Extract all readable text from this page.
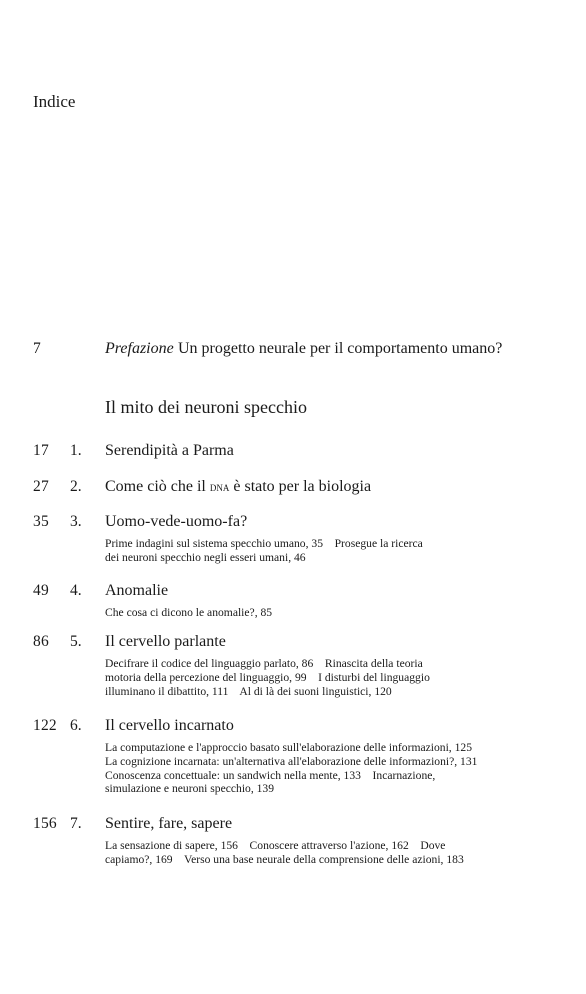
Indice
7	Prefazione Un progetto neurale per il comportamento umano?
Il mito dei neuroni specchio
17 1. Serendipità a Parma
27 2. Come ciò che il dna è stato per la biologia
35 3. Uomo-vede-uomo-fa?
Prime indagini sul sistema specchio umano, 35    Prosegue la ricerca
dei neuroni specchio negli esseri umani, 46
49 4. Anomalie
Che cosa ci dicono le anomalie?, 85
86 5. Il cervello parlante
Decifrare il codice del linguaggio parlato, 86    Rinascita della teoria
motoria della percezione del linguaggio, 99    I disturbi del linguaggio
illuminano il dibattito, 111    Al di là dei suoni linguistici, 120
122 6. Il cervello incarnato
La computazione e l'approccio basato sull'elaborazione delle informazioni, 125
La cognizione incarnata: un'alternativa all'elaborazione delle informazioni?, 131
Conoscenza concettuale: un sandwich nella mente, 133    Incarnazione,
simulazione e neuroni specchio, 139
156 7. Sentire, fare, sapere
La sensazione di sapere, 156    Conoscere attraverso l'azione, 162    Dove
capiamo?, 169    Verso una base neurale della comprensione delle azioni, 183
